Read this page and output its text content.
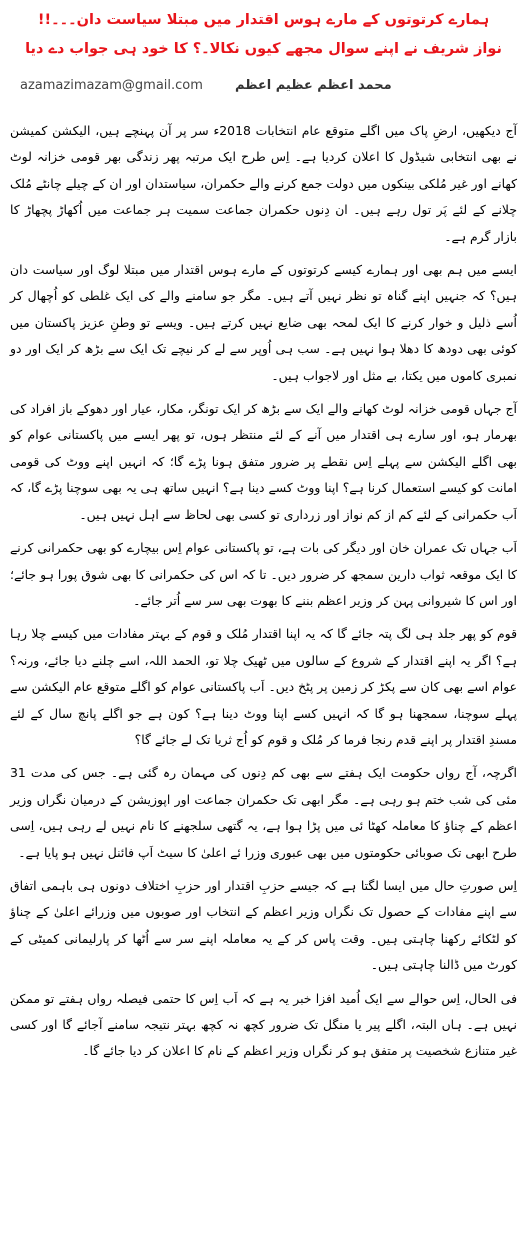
ہمارے کرتوتوں کے مارے ہوس اقتدار میں مبتلا سیاست دان۔۔۔!!

نواز شریف نے اپنے سوال مجھے کیوں نکالا۔؟ کا خود ہی جواب دے دیا

azamazimazam@gmail.com محمد اعظم عظیم اعظم

آج دیکھیں، ارضِ پاک میں اگلے متوقع عام انتخابات 2018ء سر پر آن پہنچے ہیں، الیکشن کمیشن نے بھی انتخابی شیڈول کا اعلان کردیا ہے۔ اِس طرح ایک مرتبہ پھر زندگی بھر قومی خزانہ لوٹ کھانے اور غیر مُلکی بینکوں میں دولت جمع کرنے والے حکمران، سیاستدان اور ان کے چیلے چانٹے مُلک چلانے کے لئے پَر تول رہے ہیں۔ ان دِنوں حکمران جماعت سمیت ہر جماعت میں اُکھاڑ پچھاڑ کا بازار گرم ہے۔

ایسے میں ہم بھی اور ہمارے کیسے کرتوتوں کے مارے ہوس اقتدار میں مبتلا لوگ اور سیاست دان ہیں؟ کہ جنہیں اپنے گناہ تو نظر نہیں آتے ہیں۔ مگر جو سامنے والے کی ایک غلطی کو اُچھال کر اُسے ذلیل و خوار کرنے کا ایک لمحہ بھی ضایع نہیں کرتے ہیں۔ ویسے تو وطنِ عزیز پاکستان میں کوئی بھی دودھ کا دھلا ہوا نہیں ہے۔ سب ہی اُوپر سے لے کر نیچے تک ایک سے بڑھ کر ایک اور دو نمبری کاموں میں یکتا، بے مثل اور لاجواب ہیں۔

آج جہاں قومی خزانہ لوٹ کھانے والے ایک سے بڑھ کر ایک تونگر، مکار، عیار اور دھوکے باز افراد کی بھرمار ہو، اور سارے ہی اقتدار میں آنے کے لئے منتظر ہوں، تو پھر ایسے میں پاکستانی عوام کو بھی اگلے الیکشن سے پہلے اِس نقطے پر ضرور متفق ہونا پڑے گا؛ کہ انہیں اپنے ووٹ کی قومی امانت کو کیسے استعمال کرنا ہے؟ اپنا ووٹ کسے دینا ہے؟ انہیں ساتھ ہی یہ بھی سوچنا پڑے گا، کہ اَب حکمرانی کے لئے کم از کم نواز اور زرداری تو کسی بھی لحاظ سے اہل نہیں ہیں۔

اَب جہاں تک عمران خان اور دیگر کی بات ہے، تو پاکستانی عوام اِس بیچارے کو بھی حکمرانی کرنے کا ایک موقعہ ثواب دارین سمجھ کر ضرور دیں۔ تا کہ اس کی حکمرانی کا بھی شوق پورا ہو جائے؛ اور اس کا شیروانی پہن کر وزیر اعظم بننے کا بھوت بھی سر سے اُتر جائے۔

قوم کو پھر جلد ہی لگ پتہ جائے گا کہ یہ اپنا اقتدار مُلک و قوم کے بہتر مفادات میں کیسے چلا رہا ہے؟ اگر یہ اپنے اقتدار کے شروع کے سالوں میں ٹھیک چلا تو، الحمد اللہ، اسے چلنے دیا جائے، ورنہ؟ عوام اسے بھی کان سے پکڑ کر زمین پر پٹخ دیں۔ اَب پاکستانی عوام کو اگلے متوقع عام الیکشن سے پہلے سوچنا، سمجھنا ہو گا کہ انہیں کسے اپنا ووٹ دینا ہے؟ کون ہے جو اگلے پانچ سال کے لئے مسندِ اقتدار پر اپنے قدم رنجا فرما کر مُلک و قوم کو اُج ثریا تک لے جائے گا؟

اگرچہ، آج رواں حکومت ایک ہفتے سے بھی کم دِنوں کی مہمان رہ گئی ہے۔ جس کی مدت 31 مئی کی شب ختم ہو رہی ہے۔ مگر ابھی تک حکمران جماعت اور اپوزیشن کے درمیان نگراں وزیر اعظم کے چناؤ کا معاملہ کھٹا ئی میں پڑا ہوا ہے، یہ گتھی سلجھنے کا نام نہیں لے رہی ہیں، اِسی طرح ابھی تک صوبائی حکومتوں میں بھی عبوری وزرا ئے اعلیٰ کا سیٹ اَپ فائنل نہیں ہو پایا ہے۔

اِس صورتِ حال میں ایسا لگتا ہے کہ جیسے حزبِ اقتدار اور حزبِ اختلاف دونوں ہی باہمی اتفاق سے اپنے مفادات کے حصول تک نگراں وزیر اعظم کے انتخاب اور صوبوں میں وزرائے اعلیٰ کے چناؤ کو لٹکائے رکھنا چاہتی ہیں۔ وقت پاس کر کے یہ معاملہ اپنے سر سے اُٹھا کر پارلیمانی کمیٹی کے کورٹ میں ڈالنا چاہتی ہیں۔

فی الحال، اِس حوالے سے ایک اُمید افزا خبر یہ ہے کہ اَب اِس کا حتمی فیصلہ رواں ہفتے تو ممکن نہیں ہے۔ ہاں البتہ، اگلے پیر یا منگل تک ضرور کچھ نہ کچھ بہتر نتیجہ سامنے آجائے گا اور کسی غیر متنازع شخصیت پر متفق ہو کر نگراں وزیر اعظم کے نام کا اعلان کر دیا جائے گا۔
